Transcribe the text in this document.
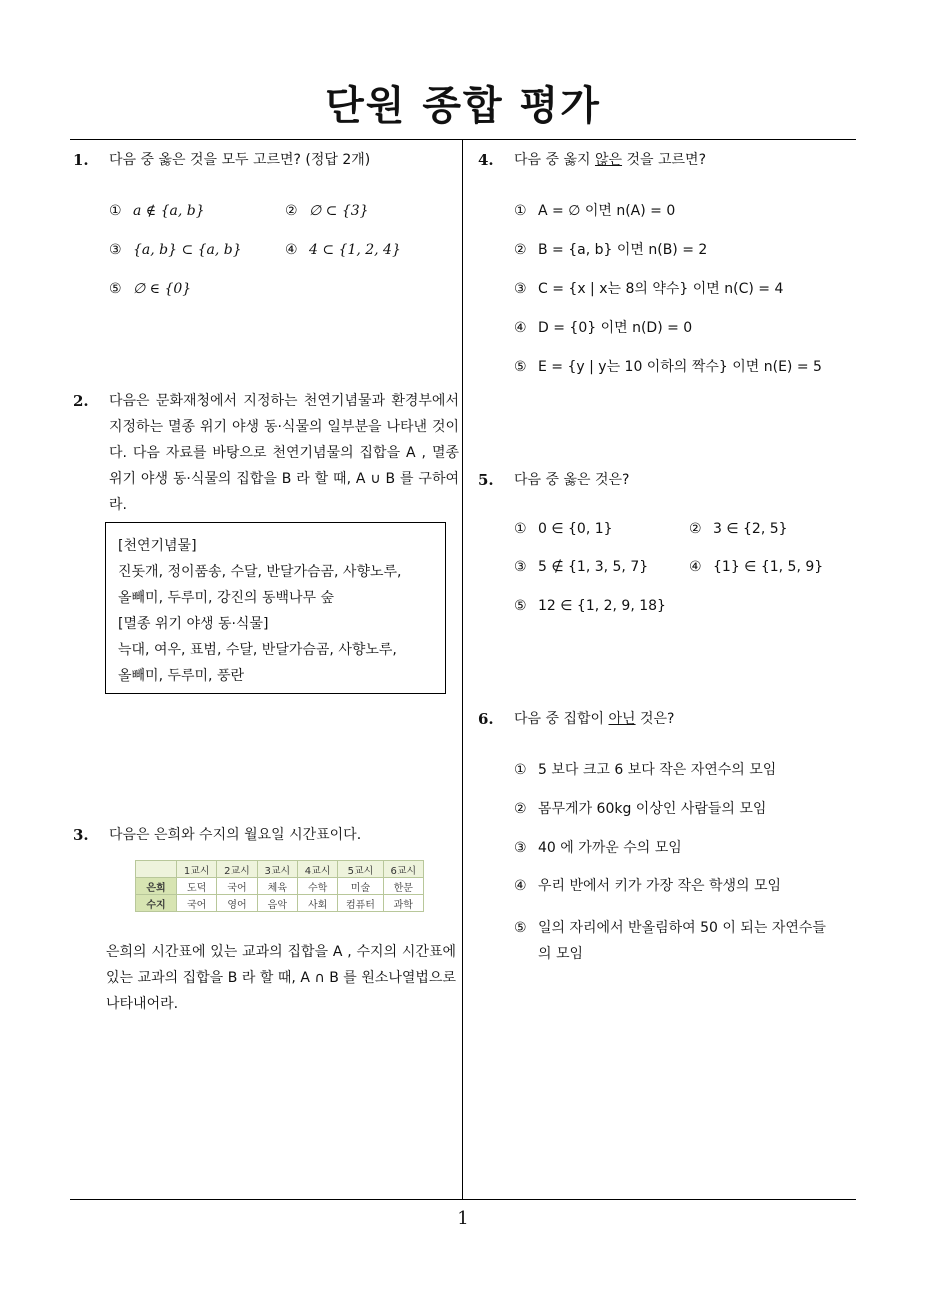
단원 종합 평가
1
1. 다음 중 옳은 것을 모두 고르면? (정답 2개)
① a ∉ {a, b}	② ∅ ⊂ {3}
③ {a, b} ⊂ {a, b}	④ 4 ⊂ {1, 2, 4}
⑤ ∅ ∈ {0}
2. 다음은 문화재청에서 지정하는 천연기념물과 환경부에서 지정하는 멸종 위기 야생 동·식물의 일부분을 나타낸 것이다. 다음 자료를 바탕으로 천연기념물의 집합을 A , 멸종 위기 야생 동·식물의 집합을 B 라 할 때, A ∪ B 를 구하여라.
[천연기념물]
진돗개, 정이품송, 수달, 반달가슴곰, 사향노루,
올빼미, 두루미, 강진의 동백나무 숲
[멸종 위기 야생 동·식물]
늑대, 여우, 표범, 수달, 반달가슴곰, 사향노루,
올빼미, 두루미, 풍란
3. 다음은 은희와 수지의 월요일 시간표이다.
	1교시	2교시	3교시	4교시	5교시	6교시
은희	도덕	국어	체육	수학	미술	한문
수지	국어	영어	음악	사회	컴퓨터	과학
은희의 시간표에 있는 교과의 집합을 A , 수지의 시간표에 있는 교과의 집합을 B 라 할 때, A ∩ B 를 원소나열법으로 나타내어라.
4. 다음 중 옳지 않은 것을 고르면?
① A = ∅ 이면 n(A) = 0
② B = {a, b} 이면 n(B) = 2
③ C = {x | x는 8의 약수} 이면 n(C) = 4
④ D = {0} 이면 n(D) = 0
⑤ E = {y | y는 10 이하의 짝수} 이면 n(E) = 5
5. 다음 중 옳은 것은?
① 0 ∈ {0, 1}	② 3 ∈ {2, 5}
③ 5 ∉ {1, 3, 5, 7}	④ {1} ∈ {1, 5, 9}
⑤ 12 ∈ {1, 2, 9, 18}
6. 다음 중 집합이 아닌 것은?
① 5 보다 크고 6 보다 작은 자연수의 모임
② 몸무게가 60kg 이상인 사람들의 모임
③ 40 에 가까운 수의 모임
④ 우리 반에서 키가 가장 작은 학생의 모임
⑤ 일의 자리에서 반올림하여 50 이 되는 자연수들
의 모임
